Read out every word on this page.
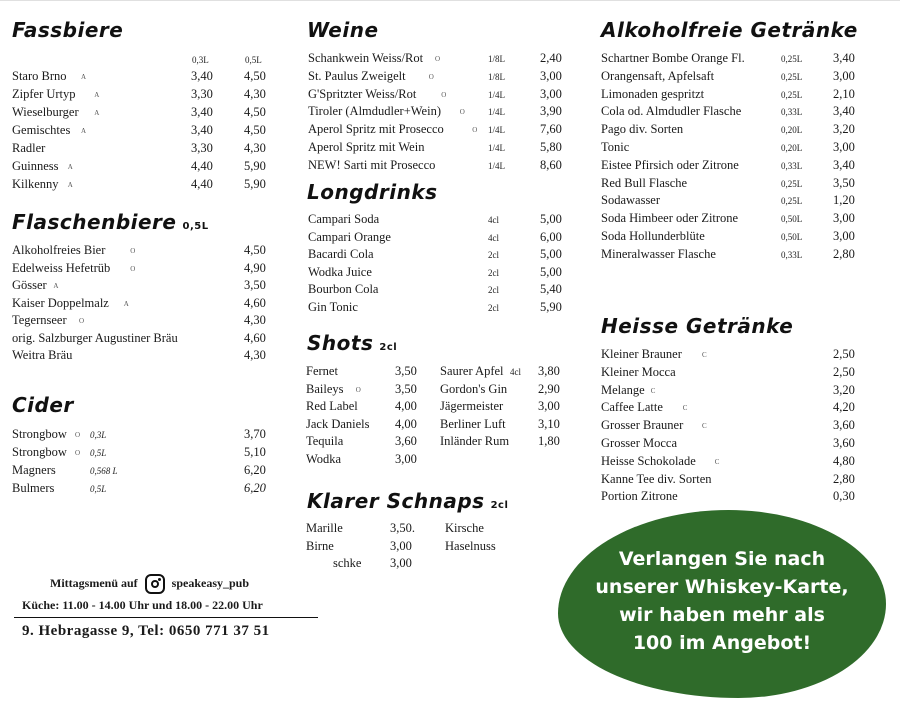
Fassbiere
0,3L	0,5L
Staro Brno	3,40 4,50
A
Zipfer Urtyp	3,30 4,30
A
Wieselburger	3,40 4,50
A
Gemischtes	3,40 4,50
A
Radler	3,30 4,30
Guinness	4,40 5,90
A
Kilkenny	4,40 5,90
A
Flaschenbiere 0,5L
Alkoholfreies Bier	4,50
O
Edelweiss Hefetrüb	4,90
O
Gösser	3,50
A
Kaiser Doppelmalz	4,60
A
Tegernseer	4,30
O
orig. Salzburger Augustiner Bräu	4,60
Weitra Bräu	4,30
Cider
Strongbow	0,3L	3,70
O
Strongbow	0,5L	5,10
O
Magners	0,568 L	6,20
Bulmers	0,5L	6,20
Mittagsmenü auf	speakeasy_pub
Küche: 11.00 - 14.00 Uhr und 18.00 - 22.00 Uhr
9. Hebragasse 9, Tel: 0650 771 37 51
Weine
Schankwein Weiss/Rot	1/8L	2,40
O
St. Paulus Zweigelt	1/8L	3,00
O
G'Spritzter Weiss/Rot	1/4L	3,00
O
Tiroler (Almdudler+Wein)	1/4L	3,90
O
Aperol Spritz mit Prosecco	1/4L	7,60
O
Aperol Spritz mit Wein	1/4L	5,80
NEW! Sarti mit Prosecco	1/4L	8,60
Longdrinks
Campari Soda	4cl	5,00
Campari Orange	4cl	6,00
Bacardi Cola	2cl	5,00
Wodka Juice	2cl	5,00
Bourbon Cola	2cl	5,40
Gin Tonic	2cl	5,90
Shots 2cl
Fernet	3,50
Baileys	3,50
O
Red Label	4,00
Jack Daniels 4,00
Tequila	3,60
Wodka	3,00
Saurer Apfel	3,80
4cl
Gordon's Gin 2,90
Jägermeister	3,00
Berliner Luft	3,10
Inländer Rum 1,80
Klarer Schnaps 2cl
Marille	3,50. Kirsche
Birne	3,00	Haselnuss
schke 3,00
Alkoholfreie Getränke
Schartner Bombe Orange Fl.	0,25L 3,40
Orangensaft, Apfelsaft	0,25L 3,00
Limonaden gespritzt	0,25L 2,10
Cola od. Almdudler Flasche	0,33L 3,40
Pago div. Sorten	0,20L 3,20
Tonic	0,20L 3,00
Eistee Pfirsich oder Zitrone	0,33L 3,40
Red Bull Flasche	0,25L 3,50
Sodawasser	0,25L 1,20
Soda Himbeer oder Zitrone	0,50L 3,00
Soda Hollunderblüte	0,50L 3,00
Mineralwasser Flasche	0,33L 2,80
Heisse Getränke
Kleiner Brauner	2,50
C
Kleiner Mocca	2,50
Melange	3,20
C
Caffee Latte	4,20
C
Grosser Brauner	3,60
C
Grosser Mocca	3,60
Heisse Schokolade	4,80
C
Kanne Tee div. Sorten	2,80
Portion Zitrone	0,30
Verlangen Sie nach
unserer Whiskey-Karte,
wir haben mehr als
100 im Angebot!
